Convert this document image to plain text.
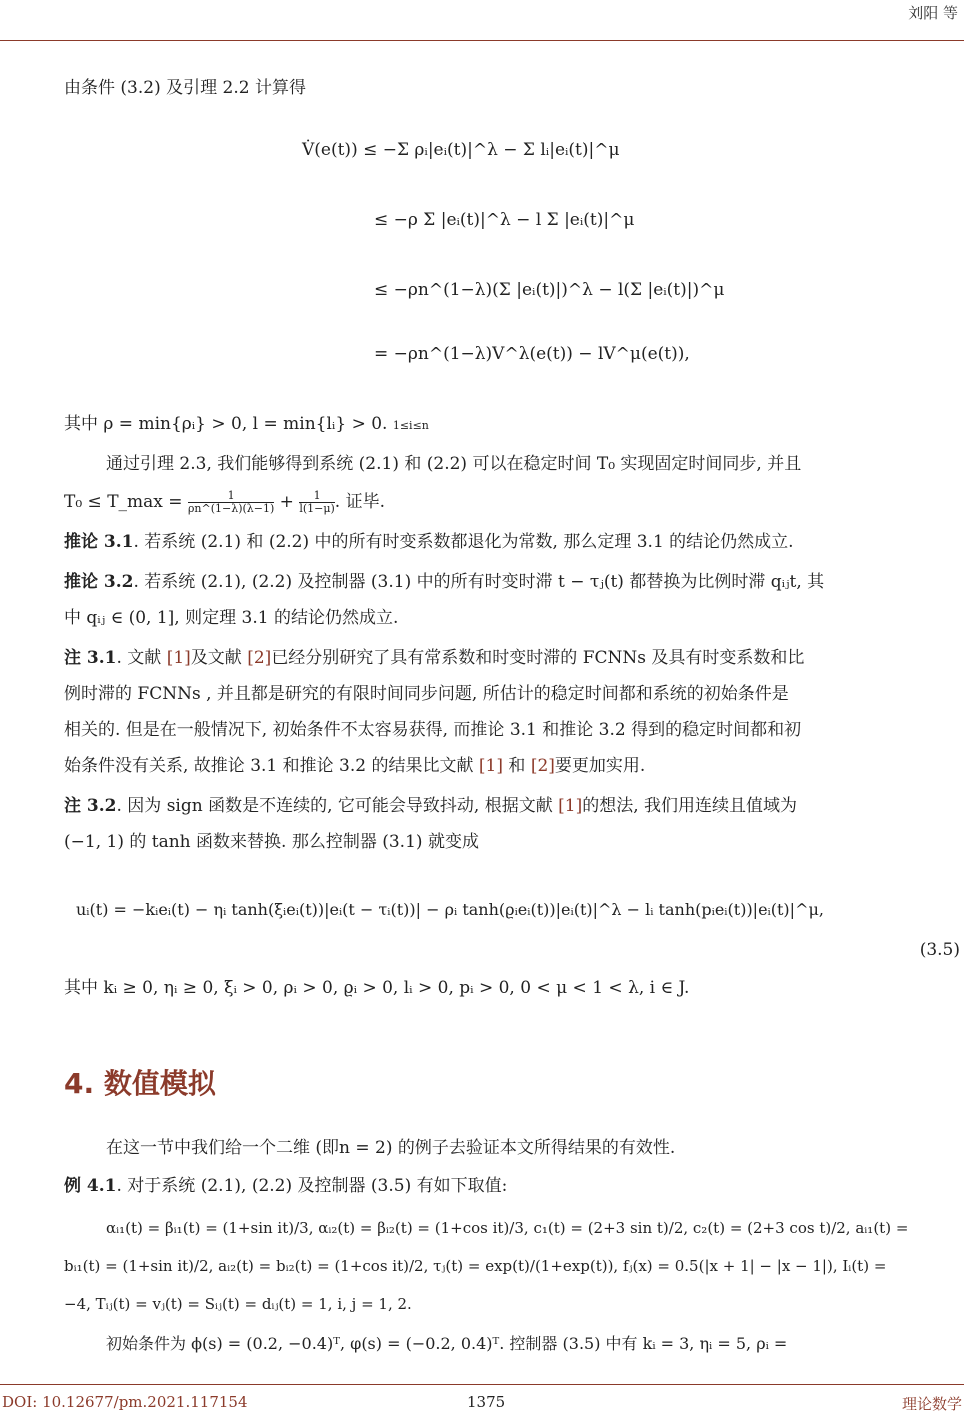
刘阳 等
由条件 (3.2) 及引理 2.2 计算得
V̇(e(t)) ≤ −Σ ρᵢ|eᵢ(t)|^λ − Σ lᵢ|eᵢ(t)|^μ
≤ −ρ Σ |eᵢ(t)|^λ − l Σ |eᵢ(t)|^μ
≤ −ρn^(1−λ)(Σ |eᵢ(t)|)^λ − l(Σ |eᵢ(t)|)^μ
= −ρn^(1−λ)V^λ(e(t)) − lV^μ(e(t)),
其中 ρ = min{ρᵢ} > 0, l = min{lᵢ} > 0. 1≤i≤n
通过引理 2.3, 我们能够得到系统 (2.1) 和 (2.2) 可以在稳定时间 T₀ 实现固定时间同步, 并且
T₀ ≤ T_max = $\frac{1}{\rho n\^{}(1-\lambda)(\lambda-1)} + \frac{1}{l(1-\mu)}$ . 证毕.
推论 3.1. 若系统 (2.1) 和 (2.2) 中的所有时变系数都退化为常数, 那么定理 3.1 的结论仍然成立.
推论 3.2. 若系统 (2.1), (2.2) 及控制器 (3.1) 中的所有时变时滞 t − τⱼ(t) 都替换为比例时滞 qᵢⱼt, 其
中 qᵢⱼ ∈ (0, 1], 则定理 3.1 的结论仍然成立.
注 3.1. 文献 [1]及文献 [2]已经分别研究了具有常系数和时变时滞的 FCNNs 及具有时变系数和比
例时滞的 FCNNs , 并且都是研究的有限时间同步问题, 所估计的稳定时间都和系统的初始条件是
相关的. 但是在一般情况下, 初始条件不太容易获得, 而推论 3.1 和推论 3.2 得到的稳定时间都和初
始条件没有关系, 故推论 3.1 和推论 3.2 的结果比文献 [1] 和 [2]要更加实用.
注 3.2. 因为 sign 函数是不连续的, 它可能会导致抖动, 根据文献 [1]的想法, 我们用连续且值域为
(−1, 1) 的 tanh 函数来替换. 那么控制器 (3.1) 就变成
uᵢ(t) = −kᵢeᵢ(t) − ηᵢ tanh(ξᵢeᵢ(t))|eᵢ(t − τᵢ(t))| − ρᵢ tanh(ϱᵢeᵢ(t))|eᵢ(t)|^λ − lᵢ tanh(pᵢeᵢ(t))|eᵢ(t)|^μ,
(3.5)
其中 kᵢ ≥ 0, ηᵢ ≥ 0, ξᵢ > 0, ρᵢ > 0, ϱᵢ > 0, lᵢ > 0, pᵢ > 0, 0 < μ < 1 < λ, i ∈ J.
4. 数值模拟
在这一节中我们给一个二维 (即n = 2) 的例子去验证本文所得结果的有效性.
例 4.1. 对于系统 (2.1), (2.2) 及控制器 (3.5) 有如下取值:
αᵢ₁(t) = βᵢ₁(t) = (1+sin it)/3, αᵢ₂(t) = βᵢ₂(t) = (1+cos it)/3, c₁(t) = (2+3 sin t)/2, c₂(t) = (2+3 cos t)/2, aᵢ₁(t) =
bᵢ₁(t) = (1+sin it)/2, aᵢ₂(t) = bᵢ₂(t) = (1+cos it)/2, τⱼ(t) = exp(t)/(1+exp(t)), fⱼ(x) = 0.5(|x + 1| − |x − 1|), Iᵢ(t) =
−4, Tᵢⱼ(t) = vⱼ(t) = Sᵢⱼ(t) = dᵢⱼ(t) = 1, i, j = 1, 2.
初始条件为 ϕ(s) = (0.2, −0.4)ᵀ, φ(s) = (−0.2, 0.4)ᵀ. 控制器 (3.5) 中有 kᵢ = 3, ηᵢ = 5, ρᵢ =
DOI: 10.12677/pm.2021.117154	1375	理论数学
